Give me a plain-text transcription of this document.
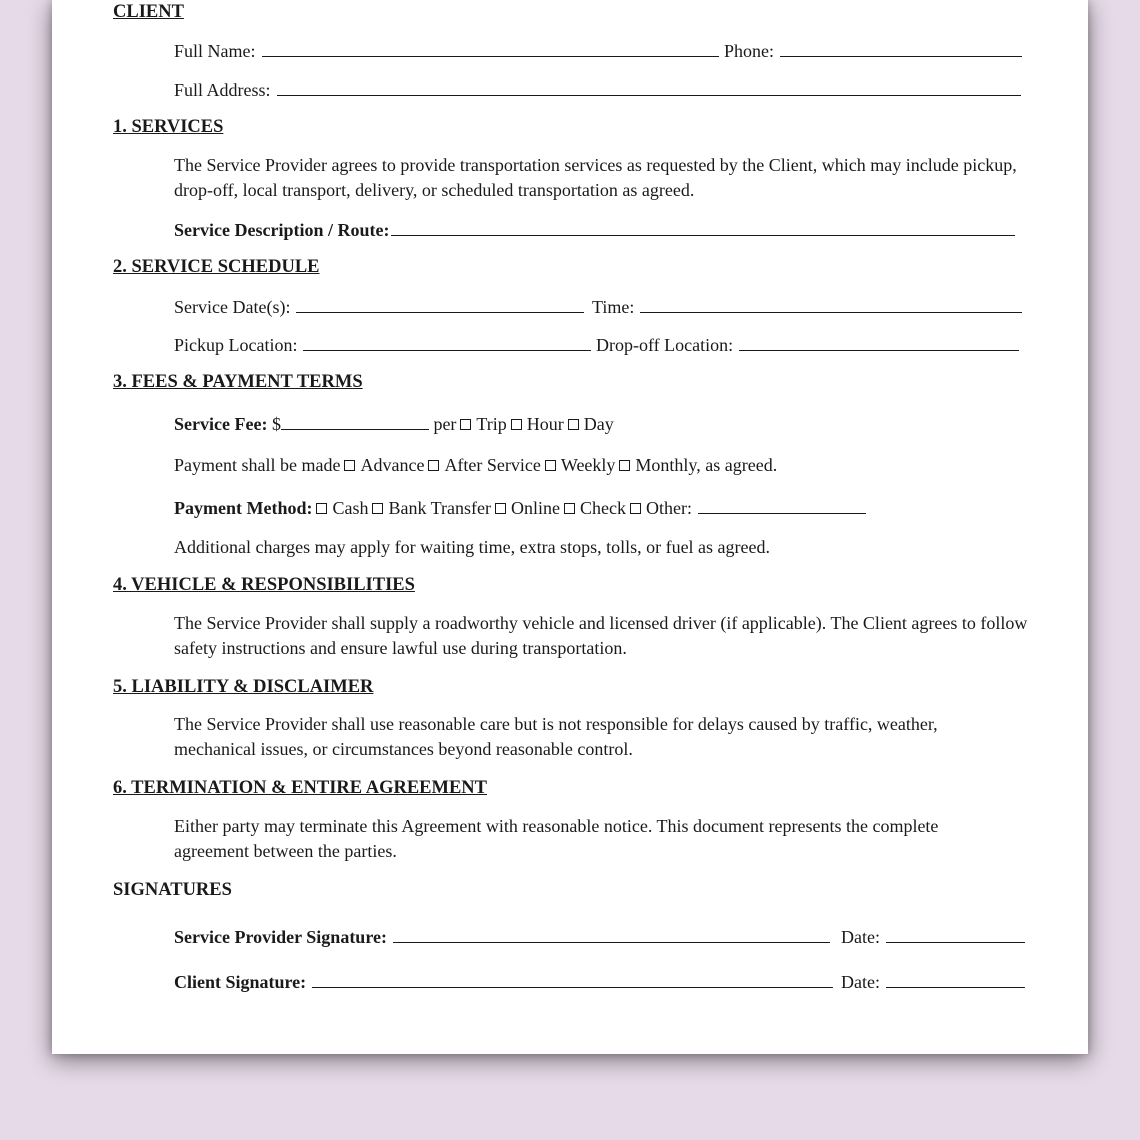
CLIENT
Full Name:	Phone:
Full Address:
1. SERVICES
The Service Provider agrees to provide transportation services as requested by the Client, which may include pickup, drop-off, local transport, delivery, or scheduled transportation as agreed.
Service Description / Route:
2. SERVICE SCHEDULE
Service Date(s):	Time:
Pickup Location:	Drop-off Location:
3. FEES & PAYMENT TERMS
Service Fee: $	per Trip Hour Day
Payment shall be made Advance After Service Weekly Monthly, as agreed.
Payment Method: Cash Bank Transfer Online Check Other:
Additional charges may apply for waiting time, extra stops, tolls, or fuel as agreed.
4. VEHICLE & RESPONSIBILITIES
The Service Provider shall supply a roadworthy vehicle and licensed driver (if applicable). The Client agrees to follow safety instructions and ensure lawful use during transportation.
5. LIABILITY & DISCLAIMER
The Service Provider shall use reasonable care but is not responsible for delays caused by traffic, weather, mechanical issues, or circumstances beyond reasonable control.
6. TERMINATION & ENTIRE AGREEMENT
Either party may terminate this Agreement with reasonable notice. This document represents the complete agreement between the parties.
SIGNATURES
Service Provider Signature:	Date:
Client Signature:	Date:
